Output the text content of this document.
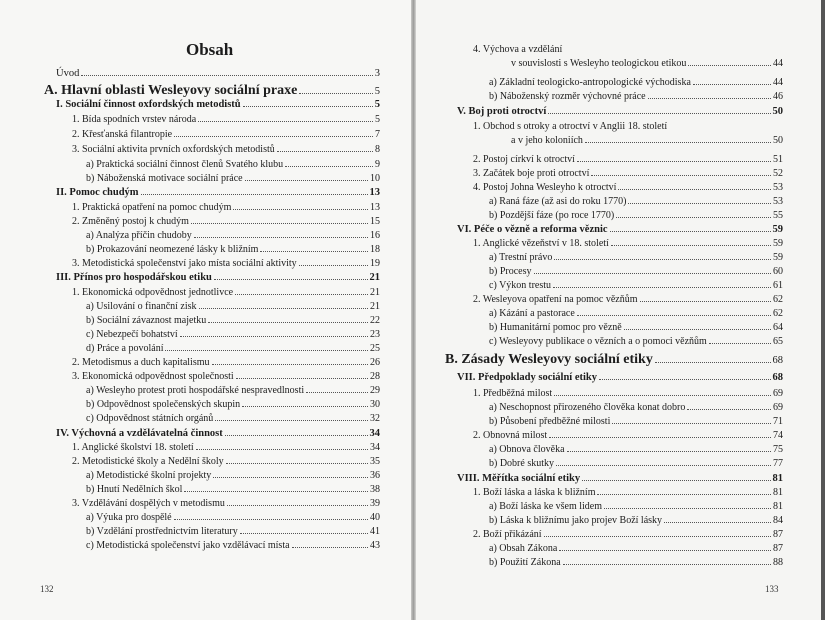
Obsah
Úvod	3
A. Hlavní oblasti Wesleyovy sociální praxe	5
I. Sociální činnost oxfordských metodistů	5
1. Bída spodních vrstev národa	5
2. Křesťanská filantropie	7
3. Sociální aktivita prvních oxfordských metodistů	8
a) Praktická sociální činnost členů Svatého klubu	9
b) Náboženská motivace sociální práce	10
II. Pomoc chudým	13
1. Praktická opatření na pomoc chudým	13
2. Změněný postoj k chudým	15
a) Analýza příčin chudoby	16
b) Prokazování neomezené lásky k bližním	18
3. Metodistická společenství jako místa sociální aktivity	19
III. Přínos pro hospodářskou etiku	21
1. Ekonomická odpovědnost jednotlivce	21
a) Usilování o finanční zisk	21
b) Sociální závaznost majetku	22
c) Nebezpečí bohatství	23
d) Práce a povolání	25
2. Metodismus a duch kapitalismu	26
3. Ekonomická odpovědnost společnosti	28
a) Wesleyho protest proti hospodářské nespravedlnosti	29
b) Odpovědnost společenských skupin	30
c) Odpovědnost státních orgánů	32
IV. Výchovná a vzdělávatelná činnost	34
1. Anglické školství 18. století	34
2. Metodistické školy a Nedělní školy	35
a) Metodistické školní projekty	36
b) Hnutí Nedělních škol	38
3. Vzdělávání dospělých v metodismu	39
a) Výuka pro dospělé	40
b) Vzdělání prostřednictvím literatury	41
c) Metodistická společenství jako vzdělávací místa	43
132
4. Výchova a vzdělání
v souvislosti s Wesleyho teologickou etikou	44
a) Základní teologicko-antropologické východiska	44
b) Náboženský rozměr výchovné práce	46
V. Boj proti otroctví	50
1. Obchod s otroky a otroctví v Anglii 18. století
a v jeho koloniích	50
2. Postoj církví k otroctví	51
3. Začátek boje proti otroctví	52
4. Postoj Johna Wesleyho k otroctví	53
a) Raná fáze (až asi do roku 1770)	53
b) Pozdější fáze (po roce 1770)	55
VI. Péče o vězně a reforma věznic	59
1. Anglické vězeňství v 18. století	59
a) Trestní právo	59
b) Procesy	60
c) Výkon trestu	61
2. Wesleyova opatření na pomoc vězňům	62
a) Kázání a pastorace	62
b) Humanitární pomoc pro vězně	64
c) Wesleyovy publikace o vězních a o pomoci vězňům	65
B. Zásady Wesleyovy sociální etiky	68
VII. Předpoklady sociální etiky	68
1. Předběžná milost	69
a) Neschopnost přirozeného člověka konat dobro	69
b) Působení předběžné milosti	71
2. Obnovná milost	74
a) Obnova člověka	75
b) Dobré skutky	77
VIII. Měřítka sociální etiky	81
1. Boží láska a láska k bližním	81
a) Boží láska ke všem lidem	81
b) Láska k bližnímu jako projev Boží lásky	84
2. Boží přikázání	87
a) Obsah Zákona	87
b) Použití Zákona	88
133
